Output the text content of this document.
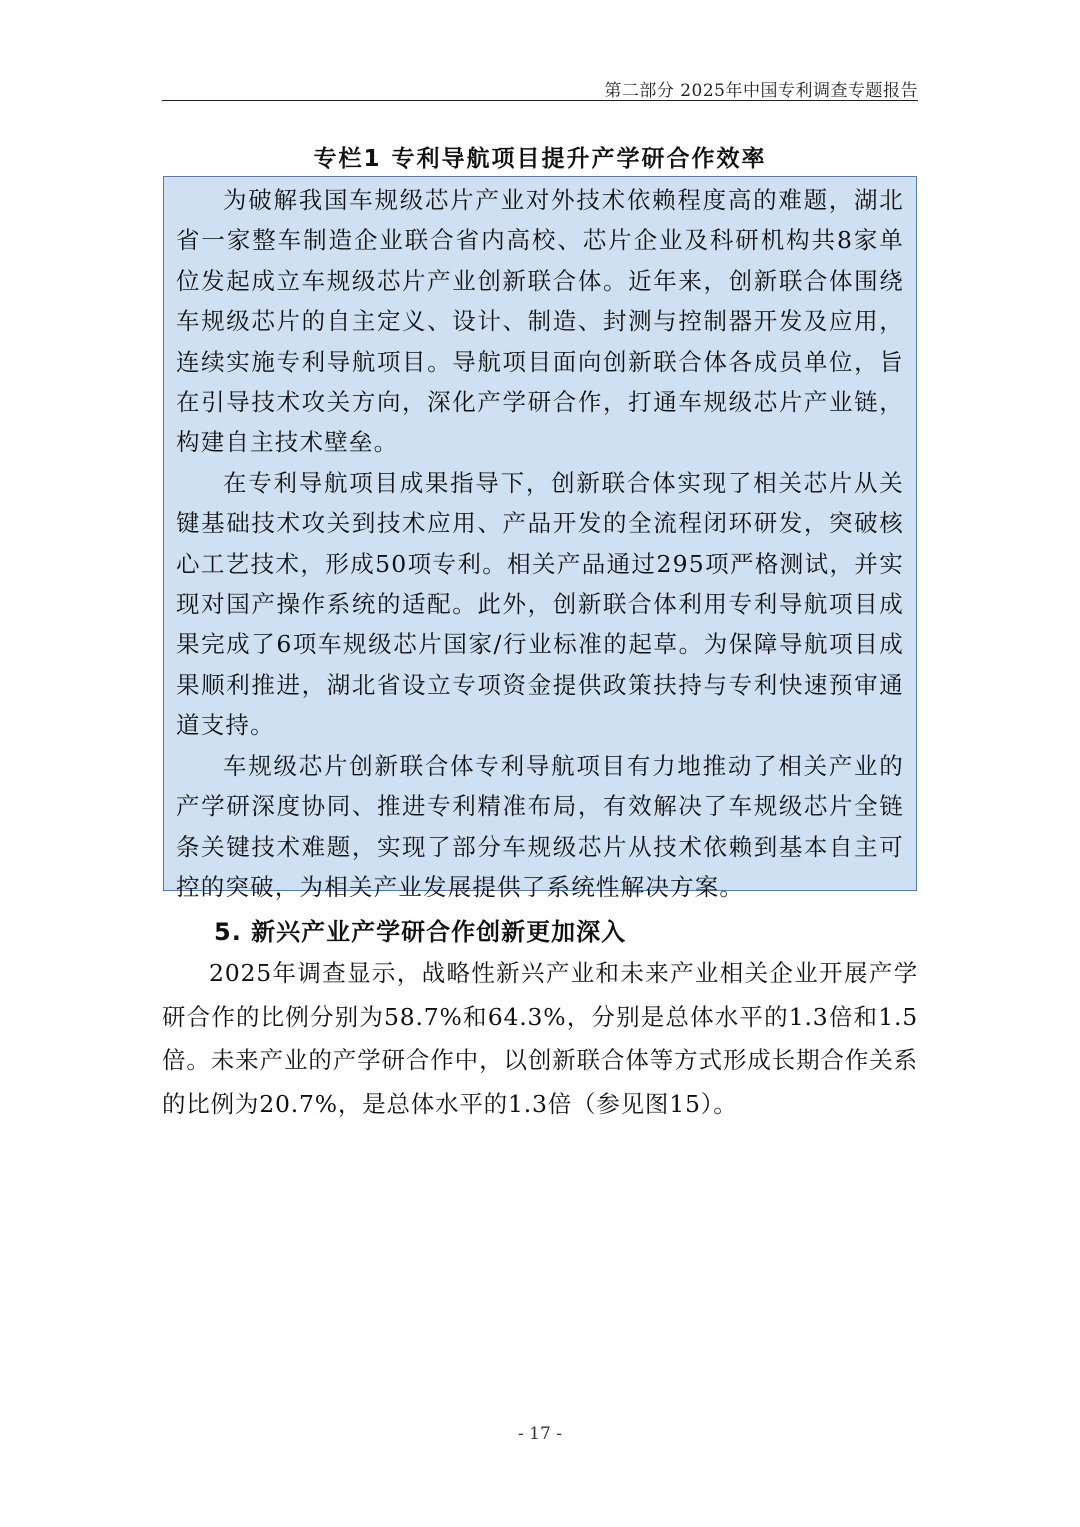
第二部分 2025年中国专利调查专题报告
专栏1 专利导航项目提升产学研合作效率

为破解我国车规级芯片产业对外技术依赖程度高的难题，湖北省一家整车制造企业联合省内高校、芯片企业及科研机构共8家单位发起成立车规级芯片产业创新联合体。近年来，创新联合体围绕车规级芯片的自主定义、设计、制造、封测与控制器开发及应用，连续实施专利导航项目。导航项目面向创新联合体各成员单位，旨在引导技术攻关方向，深化产学研合作，打通车规级芯片产业链，构建自主技术壁垒。

在专利导航项目成果指导下，创新联合体实现了相关芯片从关键基础技术攻关到技术应用、产品开发的全流程闭环研发，突破核心工艺技术，形成50项专利。相关产品通过295项严格测试，并实现对国产操作系统的适配。此外，创新联合体利用专利导航项目成果完成了6项车规级芯片国家/行业标准的起草。为保障导航项目成果顺利推进，湖北省设立专项资金提供政策扶持与专利快速预审通道支持。

车规级芯片创新联合体专利导航项目有力地推动了相关产业的产学研深度协同、推进专利精准布局，有效解决了车规级芯片全链条关键技术难题，实现了部分车规级芯片从技术依赖到基本自主可控的突破，为相关产业发展提供了系统性解决方案。

5. 新兴产业产学研合作创新更加深入

2025年调查显示，战略性新兴产业和未来产业相关企业开展产学研合作的比例分别为58.7%和64.3%，分别是总体水平的1.3倍和1.5倍。未来产业的产学研合作中，以创新联合体等方式形成长期合作关系的比例为20.7%，是总体水平的1.3倍（参见图15）。

- 17 -
